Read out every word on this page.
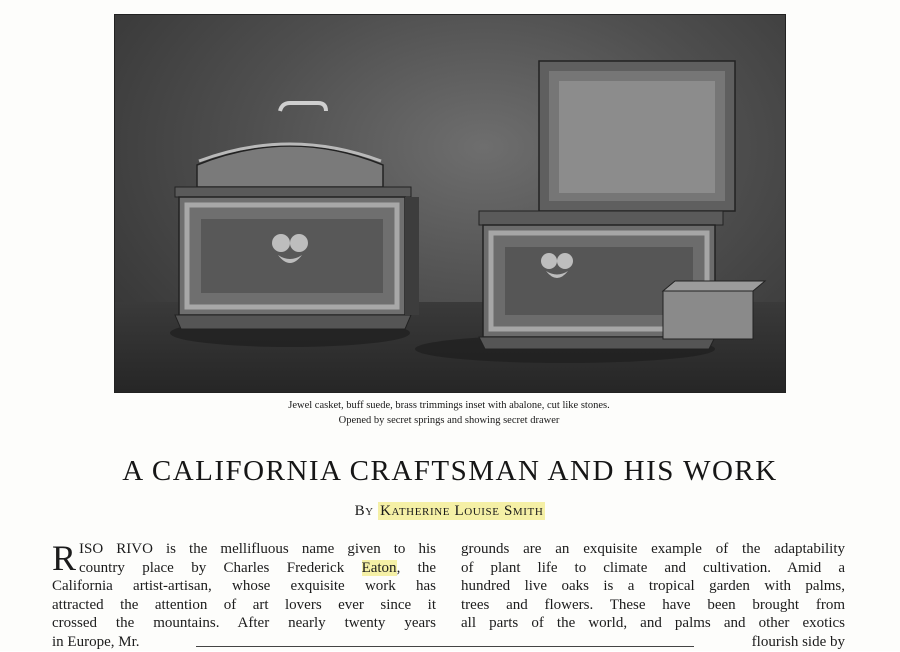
Jewel casket, buff suede, brass trimmings inset with abalone, cut like stones.
Opened by secret springs and showing secret drawer
A CALIFORNIA CRAFTSMAN AND HIS WORK
By Katherine Louise Smith
R ISO RIVO is the mellifluous name given to his
country place by Charles Frederick Eaton, the
California artist-artisan, whose exquisite work has
attracted the attention of art lovers ever since it
crossed the mountains. After nearly twenty years
in Europe, Mr.
grounds are an exquisite example of the adaptability
of plant life to climate and cultivation. Amid a
hundred live oaks is a tropical garden with palms,
trees and flowers. These have been brought from
all parts of the world, and palms and other exotics
flourish side by
